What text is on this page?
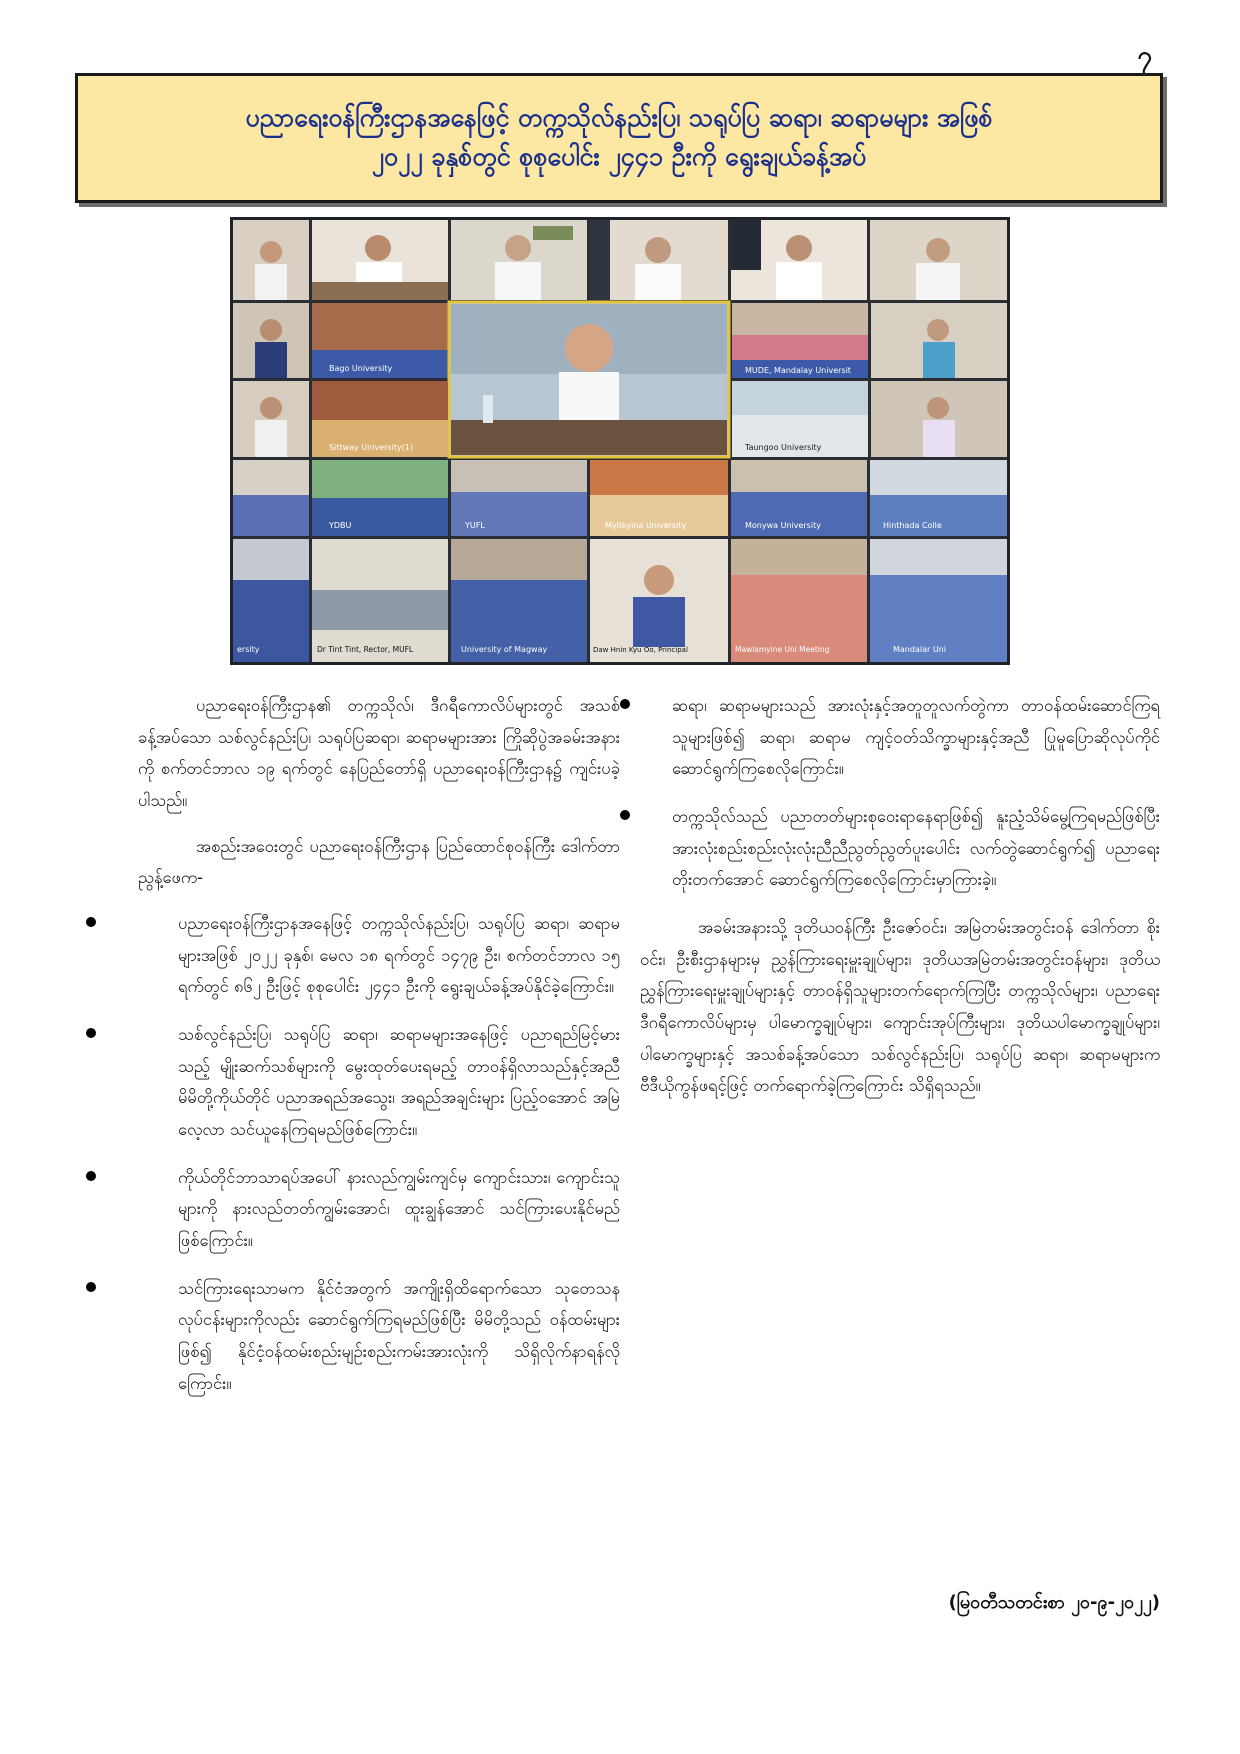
၇
ပညာရေးဝန်ကြီးဌာနအနေဖြင့် တက္ကသိုလ်နည်းပြ၊ သရုပ်ပြ ဆရာ၊ ဆရာမများ အဖြစ်
၂၀၂၂ ခုနှစ်တွင် စုစုပေါင်း ၂၄၄၁ ဦးကို ရွေးချယ်ခန့်အပ်
Bago University	MUDE, Mandalay Universit
Sittway University(1)	Taungoo University
YDBU	YUFL	Myitkyina University	Monywa University	Hinthada Colle
ersity	Dr Tint Tint, Rector, MUFL	University of Magway	Daw Hnin Kyu Oo, Principal	Mawlamyine Uni Meeting	Mandalar Uni

ပညာရေးဝန်ကြီးဌာန၏ တက္ကသိုလ်၊ ဒီဂရီကောလိပ်များတွင် အသစ်ခန့်အပ်သော သစ်လွင်နည်းပြ၊ သရုပ်ပြဆရာ၊ ဆရာမများအား ကြိုဆိုပွဲအခမ်းအနားကို စက်တင်ဘာလ ၁၉ ရက်တွင် နေပြည်တော်ရှိ ပညာရေးဝန်ကြီးဌာန၌ ကျင်းပခဲ့ပါသည်။

အစည်းအဝေးတွင် ပညာရေးဝန်ကြီးဌာန ပြည်ထောင်စုဝန်ကြီး ဒေါက်တာ ညွန့်ဖေက-

ပညာရေးဝန်ကြီးဌာနအနေဖြင့် တက္ကသိုလ်နည်းပြ၊ သရုပ်ပြ ဆရာ၊ ဆရာမများအဖြစ် ၂၀၂၂ ခုနှစ်၊ မေလ ၁၈ ရက်တွင် ၁၄၇၉ ဦး၊ စက်တင်ဘာလ ၁၅ ရက်တွင် ၈၆၂ ဦးဖြင့် စုစုပေါင်း ၂၄၄၁ ဦးကို ရွေးချယ်ခန့်အပ်နိုင်ခဲ့ကြောင်း။
သစ်လွင်နည်းပြ၊ သရုပ်ပြ ဆရာ၊ ဆရာမများအနေဖြင့် ပညာရည်မြင့်မားသည့် မျိုးဆက်သစ်များကို မွေးထုတ်ပေးရမည့် တာဝန်ရှိလာသည်နှင့်အညီ မိမိတို့ကိုယ်တိုင် ပညာအရည်အသွေး၊ အရည်အချင်းများ ပြည့်ဝအောင် အမြဲလေ့လာ သင်ယူနေကြရမည်ဖြစ်ကြောင်း။
ကိုယ်တိုင်ဘာသာရပ်အပေါ် နားလည်ကျွမ်းကျင်မှ ကျောင်းသား၊ ကျောင်းသူများကို နားလည်တတ်ကျွမ်းအောင်၊ ထူးချွန်အောင် သင်ကြားပေးနိုင်မည်ဖြစ်ကြောင်း။
သင်ကြားရေးသာမက နိုင်ငံအတွက် အကျိုးရှိထိရောက်သော သုတေသနလုပ်ငန်းများကိုလည်း ဆောင်ရွက်ကြရမည်ဖြစ်ပြီး မိမိတို့သည် ဝန်ထမ်းများဖြစ်၍ နိုင်ငံ့ဝန်ထမ်းစည်းမျဉ်းစည်းကမ်းအားလုံးကို သိရှိလိုက်နာရန်လိုကြောင်း။
ဆရာ၊ ဆရာမများသည် အားလုံးနှင့်အတူတူလက်တွဲကာ တာဝန်ထမ်းဆောင်ကြရသူများဖြစ်၍ ဆရာ၊ ဆရာမ ကျင့်ဝတ်သိက္ခာများနှင့်အညီ ပြုမူပြောဆိုလုပ်ကိုင်ဆောင်ရွက်ကြစေလိုကြောင်း။
တက္ကသိုလ်သည် ပညာတတ်များစုဝေးရာနေရာဖြစ်၍ နူးညံ့သိမ်မွေ့ကြရမည်ဖြစ်ပြီး အားလုံးစည်းစည်းလုံးလုံးညီညီညွတ်ညွတ်ပူးပေါင်း လက်တွဲဆောင်ရွက်၍ ပညာရေးတိုးတက်အောင် ဆောင်ရွက်ကြစေလိုကြောင်းမှာကြားခဲ့။

အခမ်းအနားသို့ ဒုတိယဝန်ကြီး ဦးဇော်ဝင်း၊ အမြဲတမ်းအတွင်းဝန် ဒေါက်တာ စိုးဝင်း၊ ဦးစီးဌာနများမှ ညွှန်ကြားရေးမှူးချုပ်များ၊ ဒုတိယအမြဲတမ်းအတွင်းဝန်များ၊ ဒုတိယညွှန်ကြားရေးမှူးချုပ်များနှင့် တာဝန်ရှိသူများတက်ရောက်ကြပြီး တက္ကသိုလ်များ၊ ပညာရေးဒီဂရီကောလိပ်များမှ ပါမောက္ခချုပ်များ၊ ကျောင်းအုပ်ကြီးများ၊ ဒုတိယပါမောက္ခချုပ်များ၊ ပါမောက္ခများနှင့် အသစ်ခန့်အပ်သော သစ်လွင်နည်းပြ၊ သရုပ်ပြ ဆရာ၊ ဆရာမများက ဗီဒီယိုကွန်ဖရင့်ဖြင့် တက်ရောက်ခဲ့ကြကြောင်း သိရှိရသည်။

(မြဝတီသတင်းစာ ၂၀-၉-၂၀၂၂)
